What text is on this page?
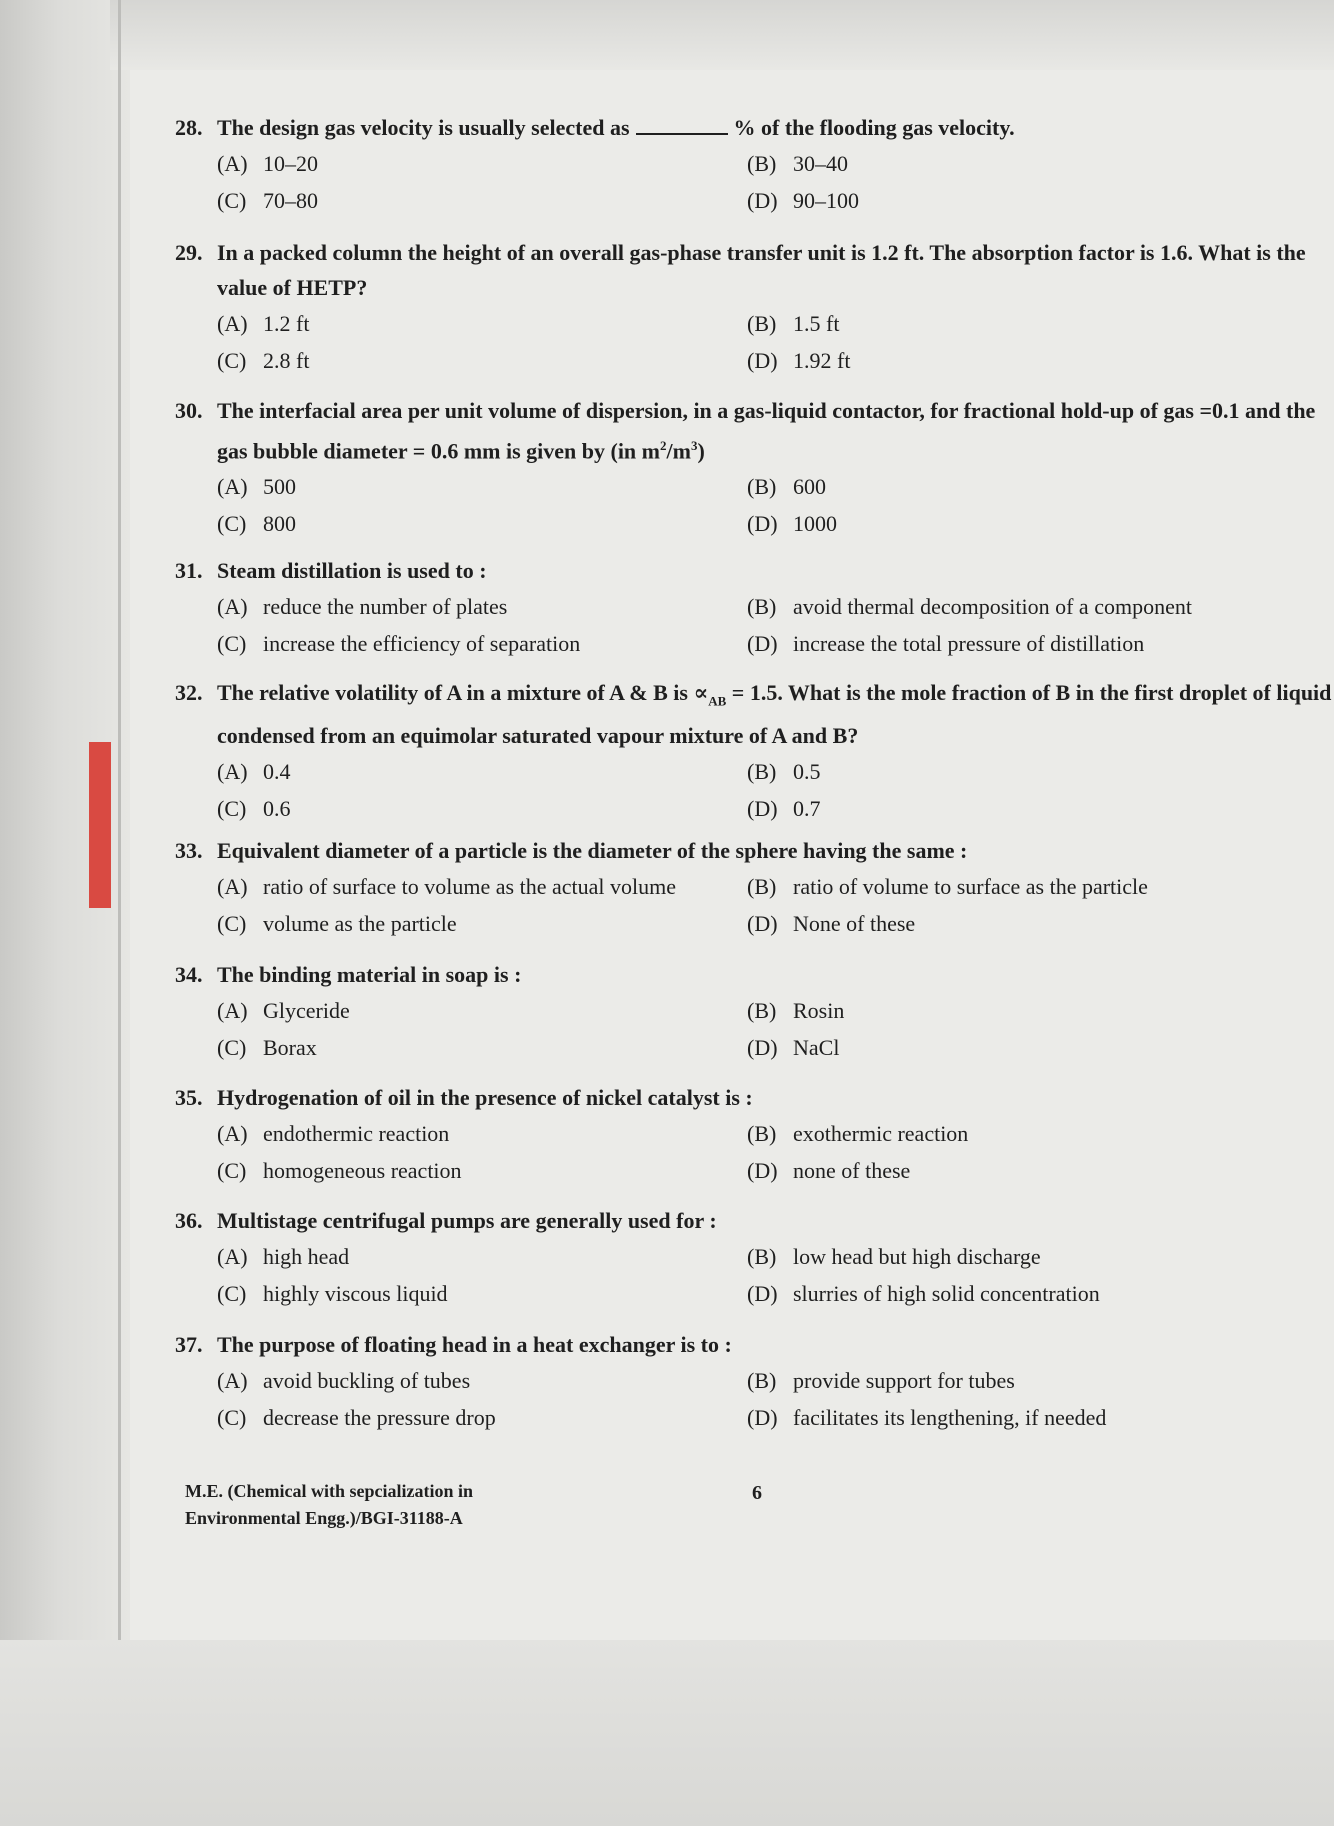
28. The design gas velocity is usually selected as	% of the flooding gas velocity.
(A) 10–20	(B) 30–40
(C) 70–80	(D) 90–100
29. In a packed column the height of an overall gas-phase transfer unit is 1.2 ft. The absorption factor is 1.6. What is the value of HETP?
(A) 1.2 ft	(B) 1.5 ft
(C) 2.8 ft	(D) 1.92 ft
30. The interfacial area per unit volume of dispersion, in a gas-liquid contactor, for fractional hold-up of gas =0.1 and the gas bubble diameter = 0.6 mm is given by (in $m^2/m^3$)
(A) 500	(B) 600
(C) 800	(D) 1000
31. Steam distillation is used to :
(A) reduce the number of plates	(B) avoid thermal decomposition of a component
(C) increase the efficiency of separation	(D) increase the total pressure of distillation
32. The relative volatility of A in a mixture of A & B is $\propto_{AB} = 1.5$. What is the mole fraction of B in the first droplet of liquid condensed from an equimolar saturated vapour mixture of A and B?
(A) 0.4	(B) 0.5
(C) 0.6	(D) 0.7
33. Equivalent diameter of a particle is the diameter of the sphere having the same :
(A) ratio of surface to volume as the actual volume	(B) ratio of volume to surface as the particle
(C) volume as the particle	(D) None of these
34. The binding material in soap is :
(A) Glyceride	(B) Rosin
(C) Borax	(D) NaCl
35. Hydrogenation of oil in the presence of nickel catalyst is :
(A) endothermic reaction	(B) exothermic reaction
(C) homogeneous reaction	(D) none of these
36. Multistage centrifugal pumps are generally used for :
(A) high head	(B) low head but high discharge
(C) highly viscous liquid	(D) slurries of high solid concentration
37. The purpose of floating head in a heat exchanger is to :
(A) avoid buckling of tubes	(B) provide support for tubes
(C) decrease the pressure drop	(D) facilitates its lengthening, if needed
M.E. (Chemical with sepcialization in
Environmental Engg.)/BGI-31188-A
6
